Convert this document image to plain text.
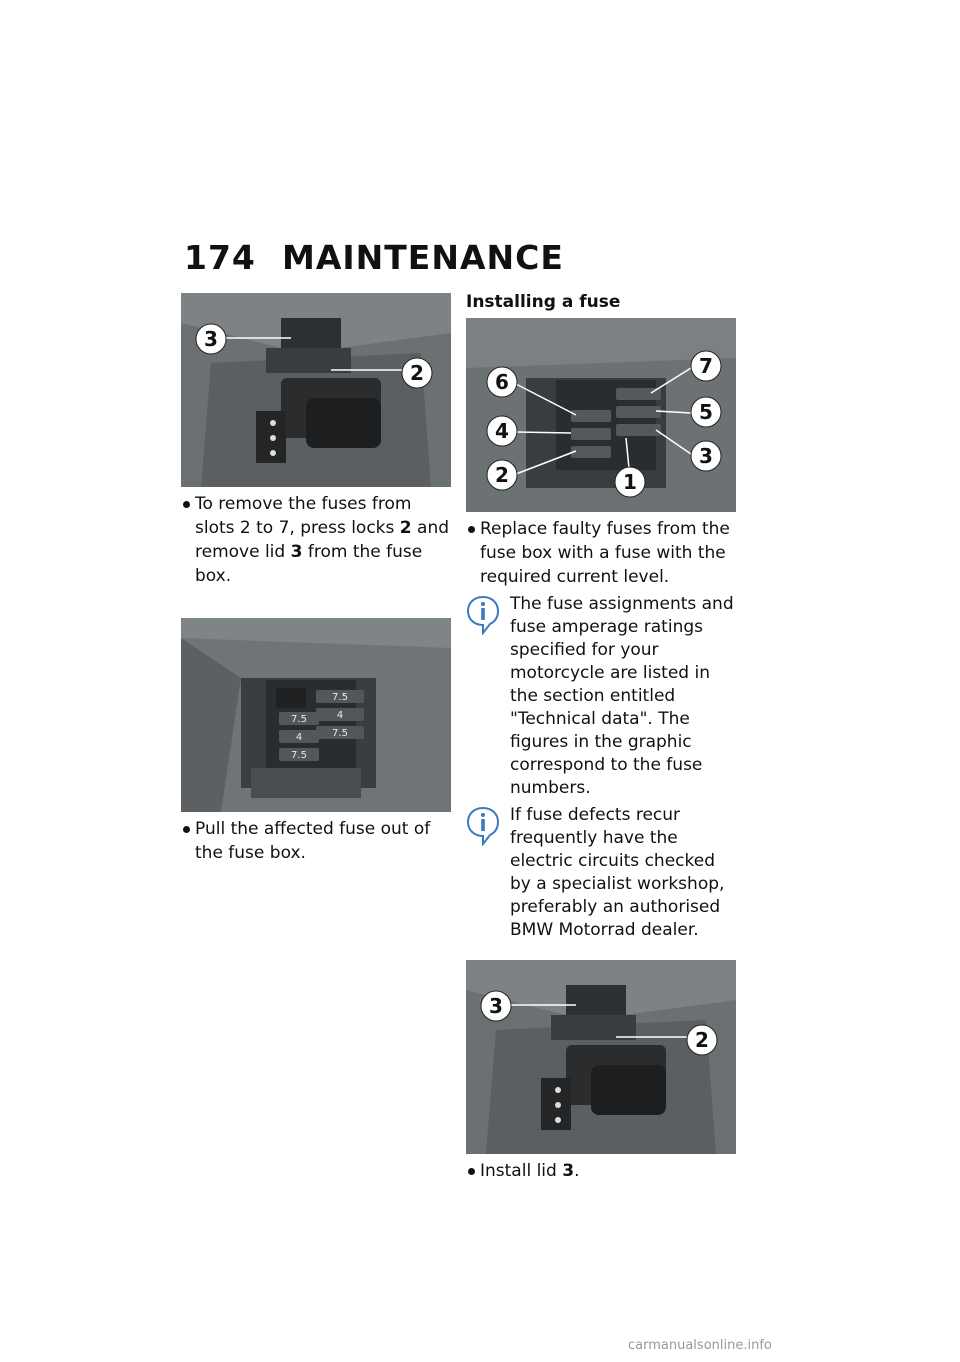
174 MAINTENANCE
3
2
To remove the fuses from slots 2 to 7, press locks 2 and remove lid 3 from the fuse box.
7.5
4
7.5
7.5
4
7.5
Pull the affected fuse out of the fuse box.
Installing a fuse
6
7
4
5
2	1
3
Replace faulty fuses from the fuse box with a fuse with the required current level.
The fuse assignments and fuse amperage ratings specified for your motorcycle are listed in the section entitled "Technical data". The figures in the graphic correspond to the fuse numbers.
If fuse defects recur frequently have the electric circuits checked by a specialist workshop, preferably an authorised BMW Motorrad dealer.
3
2
Install lid 3.
carmanualsonline.info
